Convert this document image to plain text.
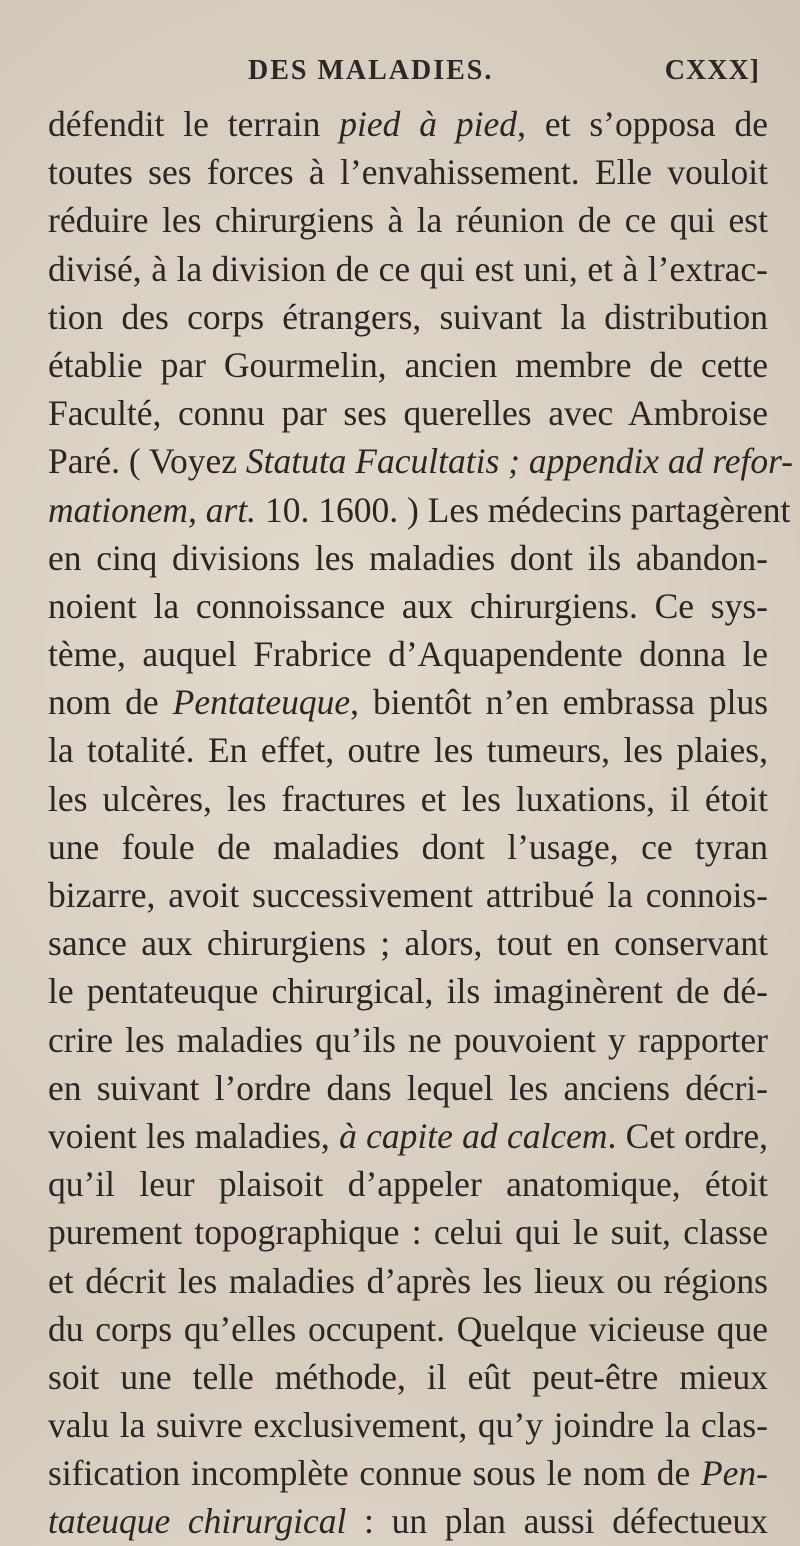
DES MALADIES.	CXXX]
défendit le terrain pied à pied, et s’opposa de
toutes ses forces à l’envahissement. Elle vouloit
réduire les chirurgiens à la réunion de ce qui est
divisé, à la division de ce qui est uni, et à l’extrac-
tion des corps étrangers, suivant la distribution
établie par Gourmelin, ancien membre de cette
Faculté, connu par ses querelles avec Ambroise
Paré. ( Voyez Statuta Facultatis ; appendix ad refor-
mationem, art. 10. 1600. ) Les médecins partagèrent
en cinq divisions les maladies dont ils abandon-
noient la connoissance aux chirurgiens. Ce sys-
tème, auquel Frabrice d’Aquapendente donna le
nom de Pentateuque, bientôt n’en embrassa plus
la totalité. En effet, outre les tumeurs, les plaies,
les ulcères, les fractures et les luxations, il étoit
une foule de maladies dont l’usage, ce tyran
bizarre, avoit successivement attribué la connois-
sance aux chirurgiens ; alors, tout en conservant
le pentateuque chirurgical, ils imaginèrent de dé-
crire les maladies qu’ils ne pouvoient y rapporter
en suivant l’ordre dans lequel les anciens décri-
voient les maladies, à capite ad calcem. Cet ordre,
qu’il leur plaisoit d’appeler anatomique, étoit
purement topographique : celui qui le suit, classe
et décrit les maladies d’après les lieux ou régions
du corps qu’elles occupent. Quelque vicieuse que
soit une telle méthode, il eût peut-être mieux
valu la suivre exclusivement, qu’y joindre la clas-
sification incomplète connue sous le nom de Pen-
tateuque chirurgical : un plan aussi défectueux
